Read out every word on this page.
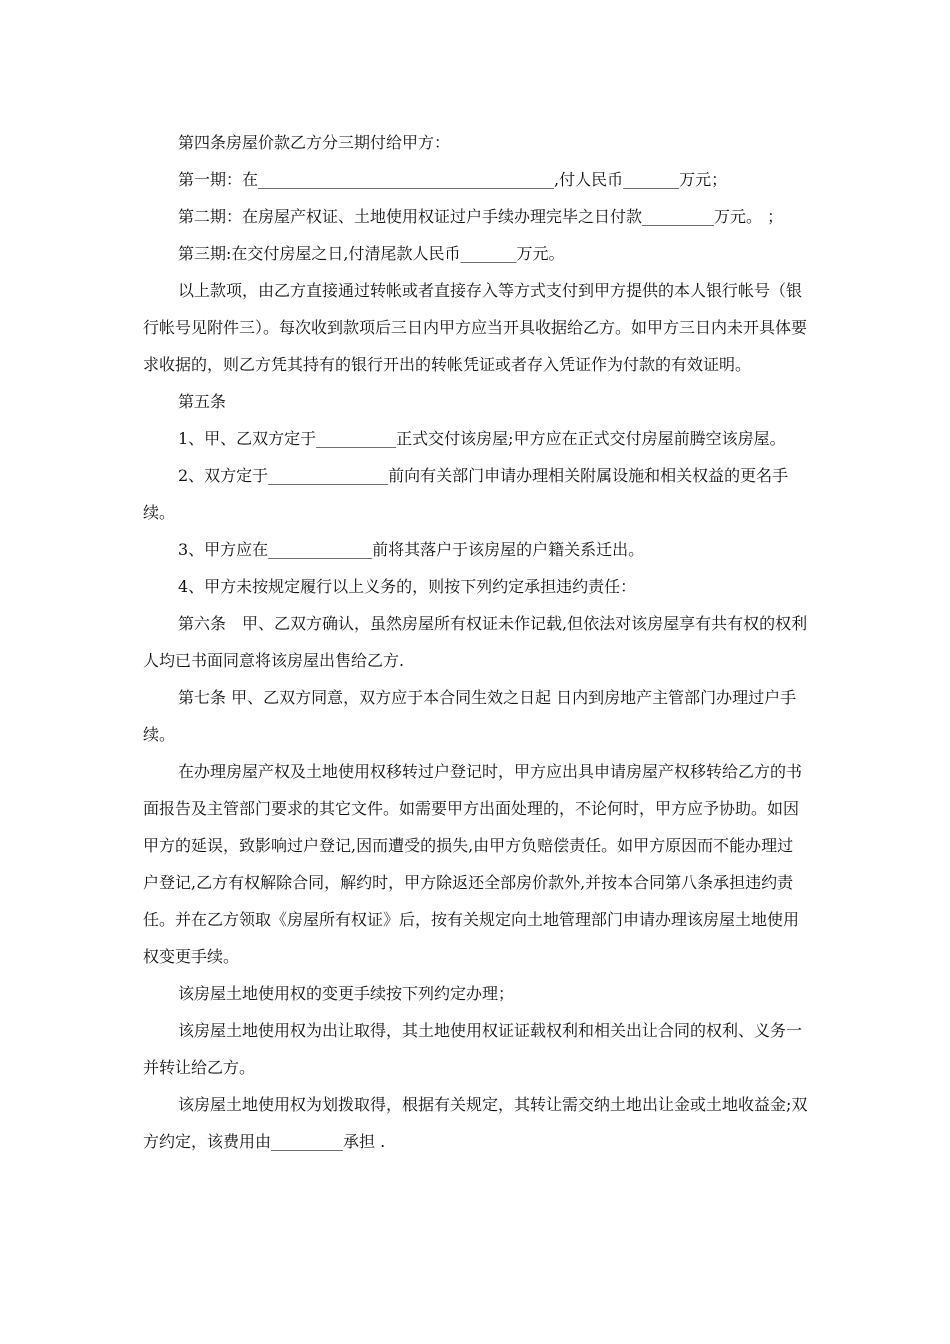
第四条房屋价款乙方分三期付给甲方：

第一期：在_____________________________________,付人民币_______万元；

第二期：在房屋产权证、土地使用权证过户手续办理完毕之日付款_________万元。 ；

第三期:在交付房屋之日,付清尾款人民币_______万元。

以上款项，由乙方直接通过转帐或者直接存入等方式支付到甲方提供的本人银行帐号（银行帐号见附件三）。每次收到款项后三日内甲方应当开具收据给乙方。如甲方三日内未开具体要求收据的，则乙方凭其持有的银行开出的转帐凭证或者存入凭证作为付款的有效证明。

第五条

1、甲、乙双方定于__________正式交付该房屋;甲方应在正式交付房屋前腾空该房屋。

2、双方定于_______________前向有关部门申请办理相关附属设施和相关权益的更名手续。

3、甲方应在_____________前将其落户于该房屋的户籍关系迁出。

4、甲方未按规定履行以上义务的，则按下列约定承担违约责任：

第六条　甲、乙双方确认，虽然房屋所有权证未作记载,但依法对该房屋享有共有权的权利人均已书面同意将该房屋出售给乙方.

第七条 甲、乙双方同意，双方应于本合同生效之日起 日内到房地产主管部门办理过户手续。

在办理房屋产权及土地使用权移转过户登记时，甲方应出具申请房屋产权移转给乙方的书面报告及主管部门要求的其它文件。如需要甲方出面处理的，不论何时，甲方应予协助。如因甲方的延误，致影响过户登记,因而遭受的损失,由甲方负赔偿责任。如甲方原因而不能办理过户登记,乙方有权解除合同，解约时，甲方除返还全部房价款外,并按本合同第八条承担违约责任。并在乙方领取《房屋所有权证》后，按有关规定向土地管理部门申请办理该房屋土地使用权变更手续。

该房屋土地使用权的变更手续按下列约定办理；

该房屋土地使用权为出让取得，其土地使用权证证载权利和相关出让合同的权利、义务一并转让给乙方。

该房屋土地使用权为划拨取得，根据有关规定，其转让需交纳土地出让金或土地收益金;双方约定，该费用由_________承担 .
